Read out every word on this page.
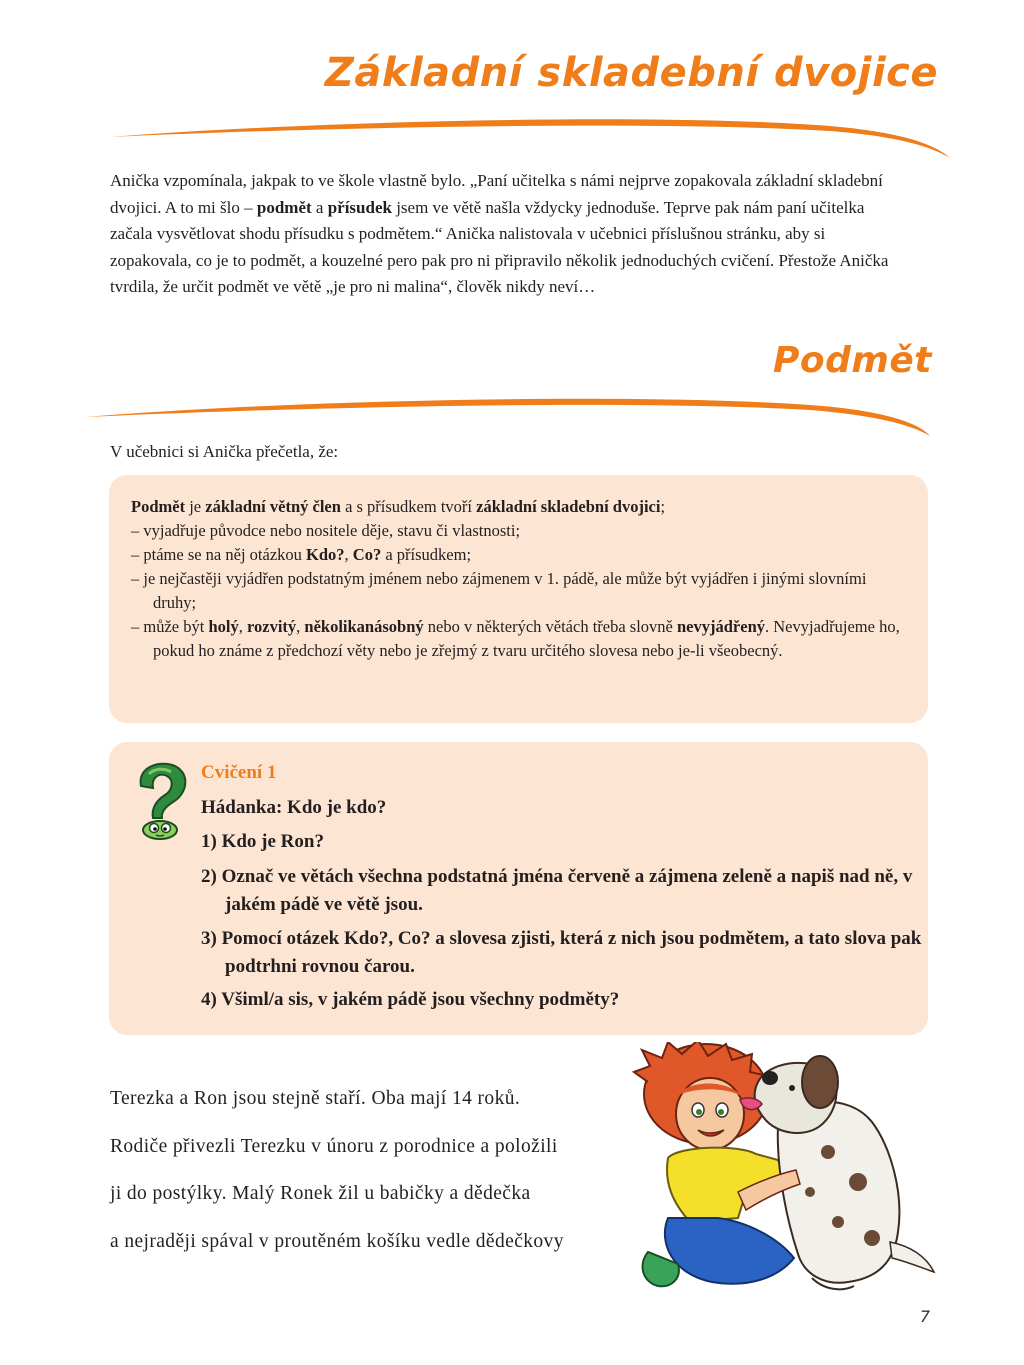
Základní skladební dvojice
Anička vzpomínala, jakpak to ve škole vlastně bylo. „Paní učitelka s námi nejprve zopakovala základní skladební dvojici. A to mi šlo – podmět a přísudek jsem ve větě našla vždycky jednoduše. Teprve pak nám paní učitelka začala vysvětlovat shodu přísudku s podmětem.“ Anička nalistovala v učebnici příslušnou stránku, aby si zopakovala, co je to podmět, a kouzelné pero pak pro ni připravilo několik jednoduchých cvičení. Přestože Anička tvrdila, že určit podmět ve větě „je pro ni malina“, člověk nikdy neví…
Podmět
V učebnici si Anička přečetla, že:

Podmět je základní větný člen a s přísudkem tvoří základní skladební dvojici;

– vyjadřuje původce nebo nositele děje, stavu či vlastnosti;

– ptáme se na něj otázkou Kdo?, Co? a přísudkem;

– je nejčastěji vyjádřen podstatným jménem nebo zájmenem v 1. pádě, ale může být vyjádřen i jinými slovními druhy;

– může být holý, rozvitý, několikanásobný nebo v některých větách třeba slovně nevyjádřený. Nevyjadřujeme ho, pokud ho známe z předchozí věty nebo je zřejmý z tvaru určitého slovesa nebo je-li všeobecný.

Cvičení 1
Hádanka: Kdo je kdo?
1) Kdo je Ron?
2) Označ ve větách všechna podstatná jména červeně a zájmena zeleně a napiš nad ně, v jakém pádě ve větě jsou.
3) Pomocí otázek Kdo?, Co? a slovesa zjisti, která z nich jsou podmětem, a tato slova pak podtrhni rovnou čarou.
4) Všiml/a sis, v jakém pádě jsou všechny podměty?
Terezka a Ron jsou stejně staří. Oba mají 14 roků.
Rodiče přivezli Terezku v únoru z porodnice a položili
ji do postýlky. Malý Ronek žil u babičky a dědečka
a nejraději spával v proutěném košíku vedle dědečkovy
7
